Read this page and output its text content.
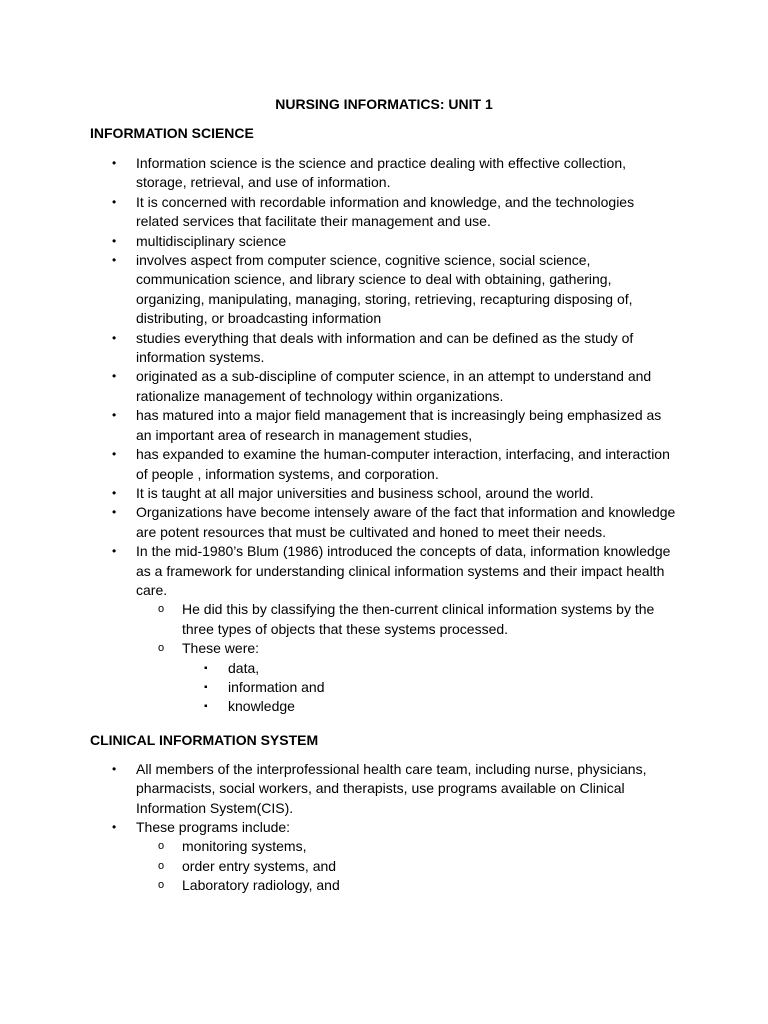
NURSING INFORMATICS: UNIT 1
INFORMATION SCIENCE
• Information science is the science and practice dealing with effective collection, storage, retrieval, and use of information.
• It is concerned with recordable information and knowledge, and the technologies related services that facilitate their management and use.
• multidisciplinary science
• involves aspect from computer science, cognitive science, social science, communication science, and library science to deal with obtaining, gathering, organizing, manipulating, managing, storing, retrieving, recapturing disposing of, distributing, or broadcasting information
• studies everything that deals with information and can be defined as the study of information systems.
• originated as a sub-discipline of computer science, in an attempt to understand and rationalize management of technology within organizations.
• has matured into a major field management that is increasingly being emphasized as an important area of research in management studies,
• has expanded to examine the human-computer interaction, interfacing, and interaction of people , information systems, and corporation.
• It is taught at all major universities and business school, around the world.
• Organizations have become intensely aware of the fact that information and knowledge are potent resources that must be cultivated and honed to meet their needs.
• In the mid-1980’s Blum (1986) introduced the concepts of data, information knowledge as a framework for understanding clinical information systems and their impact health care.
o He did this by classifying the then-current clinical information systems by the three types of objects that these systems processed.
o These were:
▪ data,
▪ information and
▪ knowledge
CLINICAL INFORMATION SYSTEM
• All members of the interprofessional health care team, including nurse, physicians, pharmacists, social workers, and therapists, use programs available on Clinical Information System(CIS).
• These programs include:
o monitoring systems,
o order entry systems, and
o Laboratory radiology, and
